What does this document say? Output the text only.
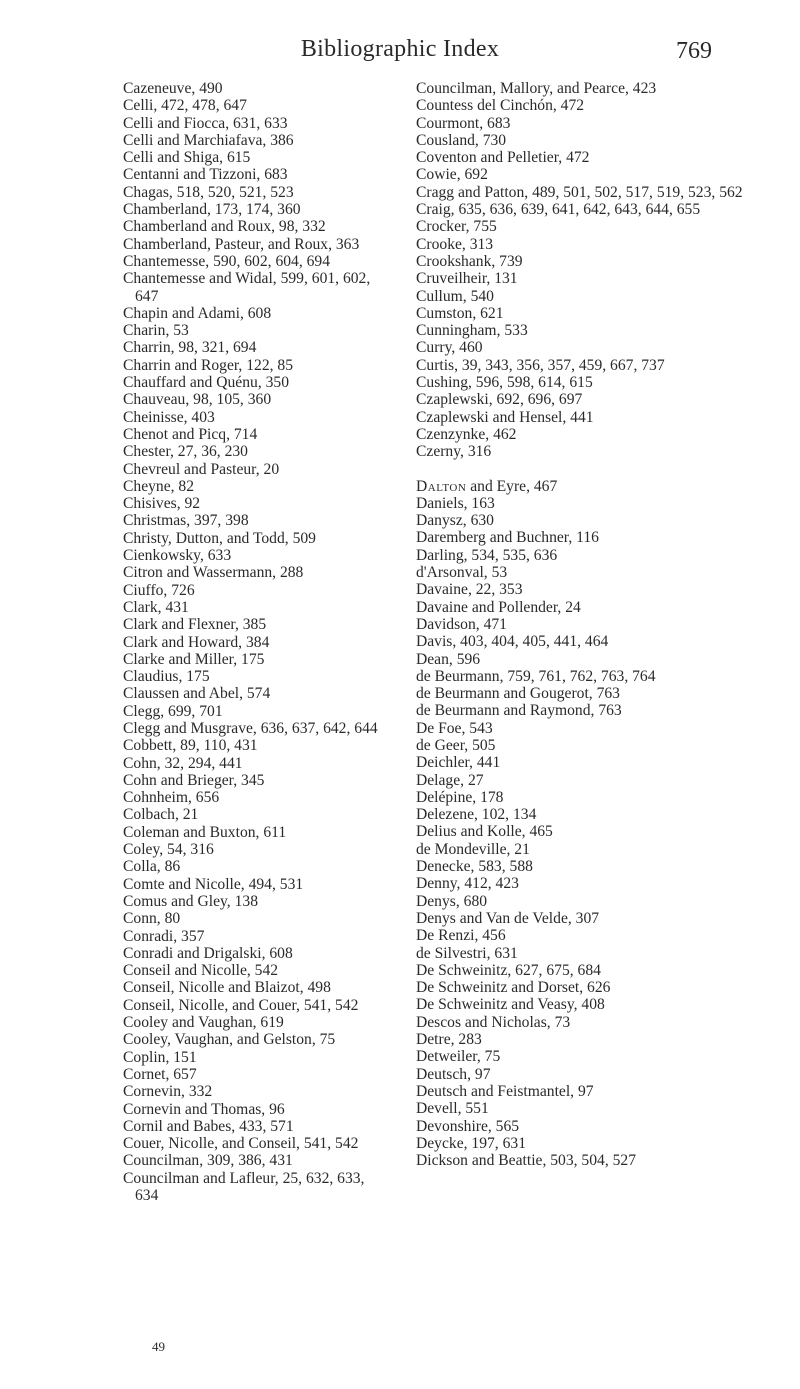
Bibliographic Index	769
Cazeneuve, 490
Celli, 472, 478, 647
Celli and Fiocca, 631, 633
Celli and Marchiafava, 386
Celli and Shiga, 615
Centanni and Tizzoni, 683
Chagas, 518, 520, 521, 523
Chamberland, 173, 174, 360
Chamberland and Roux, 98, 332
Chamberland, Pasteur, and Roux, 363
Chantemesse, 590, 602, 604, 694
Chantemesse and Widal, 599, 601, 602, 647
Chapin and Adami, 608
Charin, 53
Charrin, 98, 321, 694
Charrin and Roger, 122, 85
Chauffard and Quénu, 350
Chauveau, 98, 105, 360
Cheinisse, 403
Chenot and Picq, 714
Chester, 27, 36, 230
Chevreul and Pasteur, 20
Cheyne, 82
Chisives, 92
Christmas, 397, 398
Christy, Dutton, and Todd, 509
Cienkowsky, 633
Citron and Wassermann, 288
Ciuffo, 726
Clark, 431
Clark and Flexner, 385
Clark and Howard, 384
Clarke and Miller, 175
Claudius, 175
Claussen and Abel, 574
Clegg, 699, 701
Clegg and Musgrave, 636, 637, 642, 644
Cobbett, 89, 110, 431
Cohn, 32, 294, 441
Cohn and Brieger, 345
Cohnheim, 656
Colbach, 21
Coleman and Buxton, 611
Coley, 54, 316
Colla, 86
Comte and Nicolle, 494, 531
Comus and Gley, 138
Conn, 80
Conradi, 357
Conradi and Drigalski, 608
Conseil and Nicolle, 542
Conseil, Nicolle and Blaizot, 498
Conseil, Nicolle, and Couer, 541, 542
Cooley and Vaughan, 619
Cooley, Vaughan, and Gelston, 75
Coplin, 151
Cornet, 657
Cornevin, 332
Cornevin and Thomas, 96
Cornil and Babes, 433, 571
Couer, Nicolle, and Conseil, 541, 542
Councilman, 309, 386, 431
Councilman and Lafleur, 25, 632, 633, 634
Councilman, Mallory, and Pearce, 423
Countess del Cinchón, 472
Courmont, 683
Cousland, 730
Coventon and Pelletier, 472
Cowie, 692
Cragg and Patton, 489, 501, 502, 517, 519, 523, 562
Craig, 635, 636, 639, 641, 642, 643, 644, 655
Crocker, 755
Crooke, 313
Crookshank, 739
Cruveilheir, 131
Cullum, 540
Cumston, 621
Cunningham, 533
Curry, 460
Curtis, 39, 343, 356, 357, 459, 667, 737
Cushing, 596, 598, 614, 615
Czaplewski, 692, 696, 697
Czaplewski and Hensel, 441
Czenzynke, 462
Czerny, 316
Dalton and Eyre, 467
Daniels, 163
Danysz, 630
Daremberg and Buchner, 116
Darling, 534, 535, 636
d'Arsonval, 53
Davaine, 22, 353
Davaine and Pollender, 24
Davidson, 471
Davis, 403, 404, 405, 441, 464
Dean, 596
de Beurmann, 759, 761, 762, 763, 764
de Beurmann and Gougerot, 763
de Beurmann and Raymond, 763
De Foe, 543
de Geer, 505
Deichler, 441
Delage, 27
Delépine, 178
Delezene, 102, 134
Delius and Kolle, 465
de Mondeville, 21
Denecke, 583, 588
Denny, 412, 423
Denys, 680
Denys and Van de Velde, 307
De Renzi, 456
de Silvestri, 631
De Schweinitz, 627, 675, 684
De Schweinitz and Dorset, 626
De Schweinitz and Veasy, 408
Descos and Nicholas, 73
Detre, 283
Detweiler, 75
Deutsch, 97
Deutsch and Feistmantel, 97
Devell, 551
Devonshire, 565
Deycke, 197, 631
Dickson and Beattie, 503, 504, 527
49
